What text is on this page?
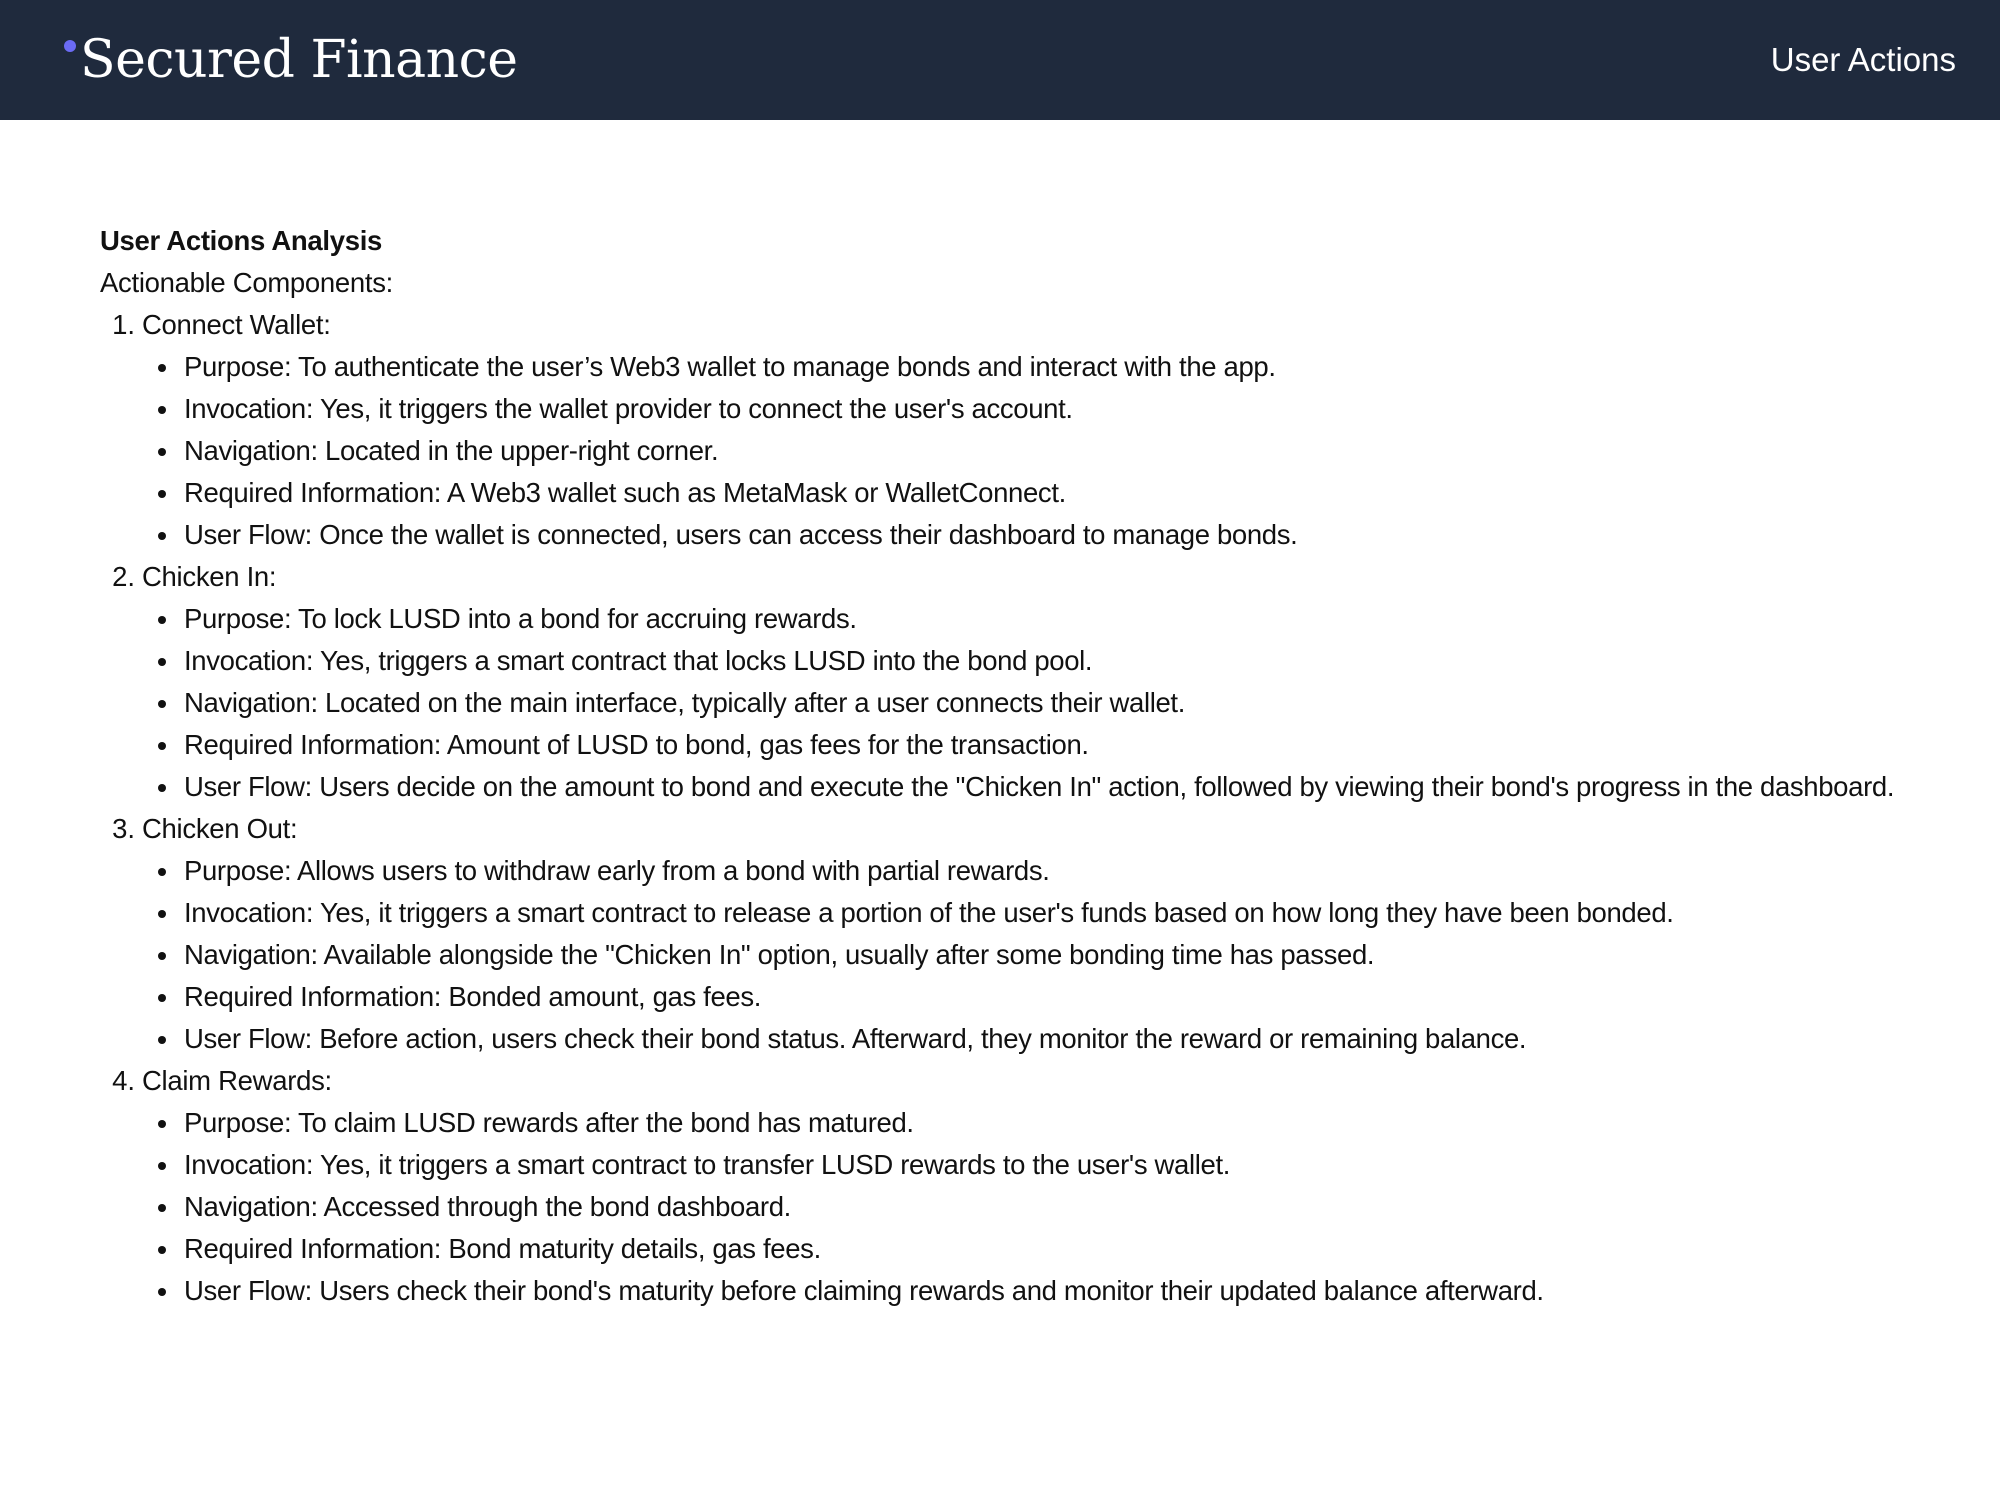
Secured Finance	User Actions
User Actions Analysis
Actionable Components:
1. Connect Wallet:
Purpose: To authenticate the user’s Web3 wallet to manage bonds and interact with the app.
Invocation: Yes, it triggers the wallet provider to connect the user's account.
Navigation: Located in the upper-right corner.
Required Information: A Web3 wallet such as MetaMask or WalletConnect.
User Flow: Once the wallet is connected, users can access their dashboard to manage bonds.
2. Chicken In:
Purpose: To lock LUSD into a bond for accruing rewards.
Invocation: Yes, triggers a smart contract that locks LUSD into the bond pool.
Navigation: Located on the main interface, typically after a user connects their wallet.
Required Information: Amount of LUSD to bond, gas fees for the transaction.
User Flow: Users decide on the amount to bond and execute the "Chicken In" action, followed by viewing their bond's progress in the dashboard.
3. Chicken Out:
Purpose: Allows users to withdraw early from a bond with partial rewards.
Invocation: Yes, it triggers a smart contract to release a portion of the user's funds based on how long they have been bonded.
Navigation: Available alongside the "Chicken In" option, usually after some bonding time has passed.
Required Information: Bonded amount, gas fees.
User Flow: Before action, users check their bond status. Afterward, they monitor the reward or remaining balance.
4. Claim Rewards:
Purpose: To claim LUSD rewards after the bond has matured.
Invocation: Yes, it triggers a smart contract to transfer LUSD rewards to the user's wallet.
Navigation: Accessed through the bond dashboard.
Required Information: Bond maturity details, gas fees.
User Flow: Users check their bond's maturity before claiming rewards and monitor their updated balance afterward.
